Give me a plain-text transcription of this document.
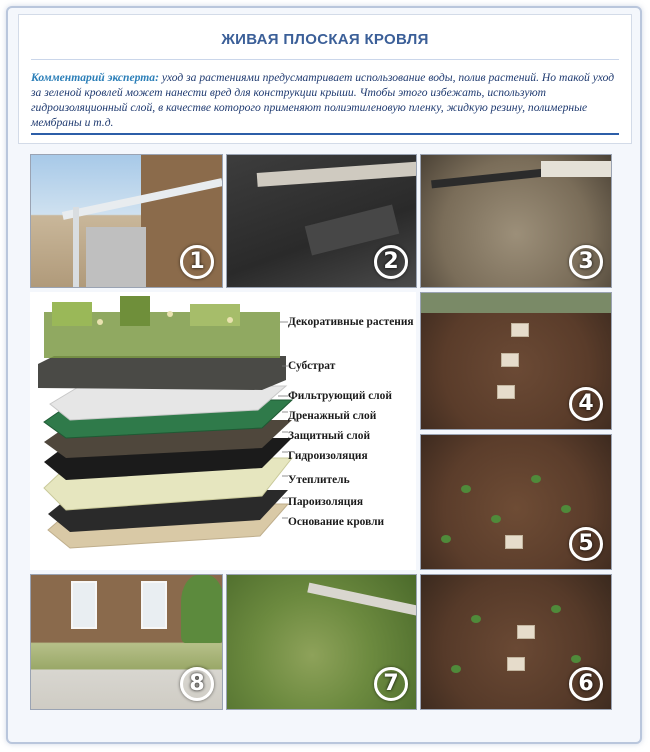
ЖИВАЯ ПЛОСКАЯ КРОВЛЯ
Комментарий эксперта: уход за растениями предусматривает использование воды, полив растений. Но такой уход за зеленой кровлей может нанести вред для конструкции крыши. Чтобы этого избежать, используют гидроизоляционный слой, в качестве которого применяют полиэтиленовую пленку, жидкую резину, полимерные мембраны и т.д.
1	2	3
Декоративные растения
Субстрат
Фильтрующий слой
Дренажный слой
Защитный слой
Гидроизоляция
Утеплитель
Пароизоляция
Основание кровли
4
5
6
7
8
